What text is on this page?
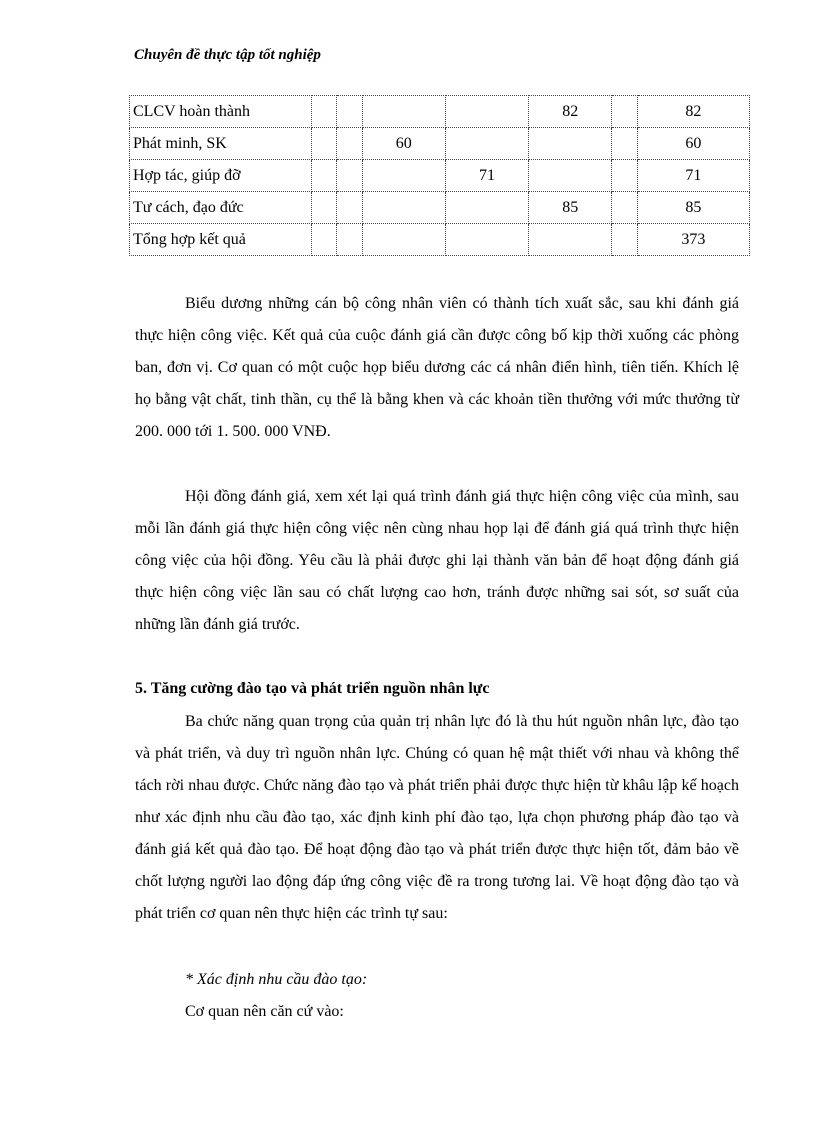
Chuyên đề thực tập tốt nghiệp
CLCV hoàn thành					82		82
Phát minh, SK			60				60
Hợp tác, giúp đỡ				71			71
Tư cách, đạo đức					85		85
Tổng hợp kết quả							373
Biểu dương những cán bộ công nhân viên có thành tích xuất sắc, sau khi đánh giá thực hiện công việc. Kết quả của cuộc đánh giá cần được công bố kịp thời xuống các phòng ban, đơn vị. Cơ quan có một cuộc họp biểu dương các cá nhân điển hình, tiên tiến. Khích lệ họ bằng vật chất, tinh thần, cụ thể là bằng khen và các khoản tiền thưởng với mức thưởng từ 200. 000 tới 1. 500. 000 VNĐ.
Hội đồng đánh giá, xem xét lại quá trình đánh giá thực hiện công việc của mình, sau mỗi lần đánh giá thực hiện công việc nên cùng nhau họp lại để đánh giá quá trình thực hiện công việc của hội đồng. Yêu cầu là phải được ghi lại thành văn bản để hoạt động đánh giá thực hiện công việc lần sau có chất lượng cao hơn, tránh được những sai sót, sơ suất của những lần đánh giá trước.
5. Tăng cường đào tạo và phát triển nguồn nhân lực
Ba chức năng quan trọng của quản trị nhân lực đó là thu hút nguồn nhân lực, đào tạo và phát triển, và duy trì nguồn nhân lực. Chúng có quan hệ mật thiết với nhau và không thể tách rời nhau được. Chức năng đào tạo và phát triển phải được thực hiện từ khâu lập kế hoạch như xác định nhu cầu đào tạo, xác định kinh phí đào tạo, lựa chọn phương pháp đào tạo và đánh giá kết quả đào tạo. Để hoạt động đào tạo và phát triển được thực hiện tốt, đảm bảo về chốt lượng người lao động đáp ứng công việc đề ra trong tương lai. Về hoạt động đào tạo và phát triển cơ quan nên thực hiện các trình tự sau:
* Xác định nhu cầu đào tạo:
Cơ quan nên căn cứ vào:
